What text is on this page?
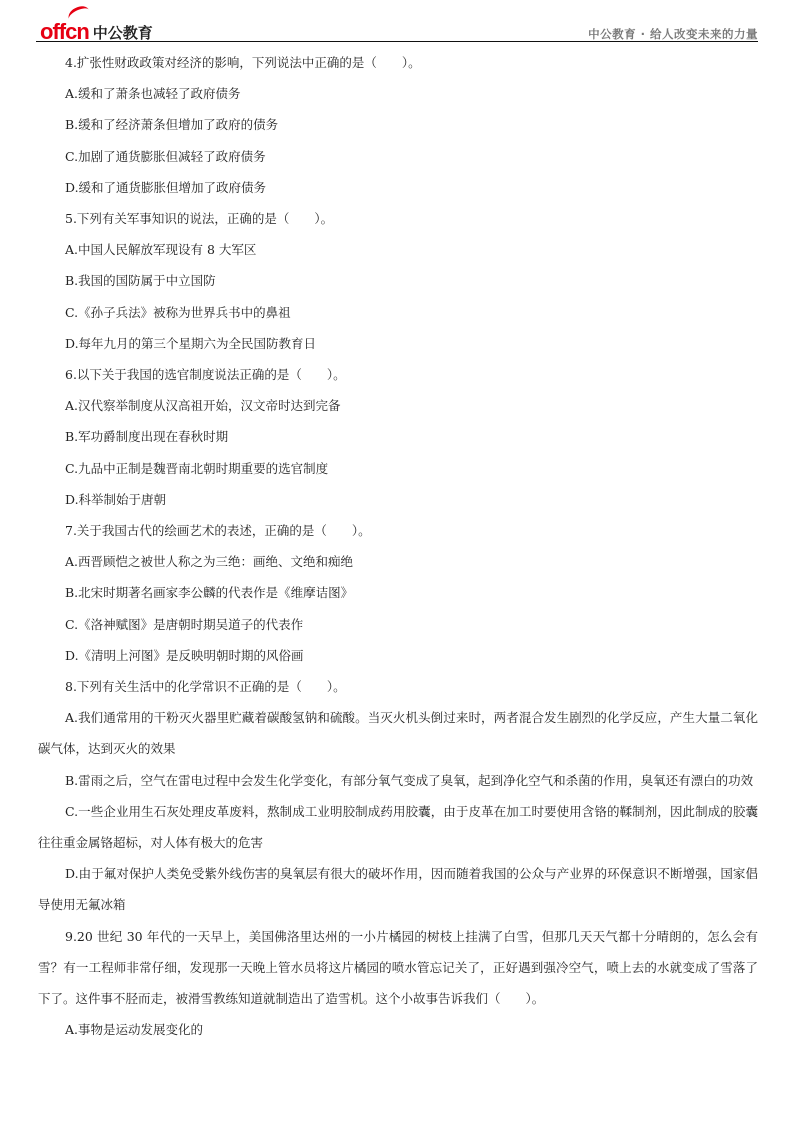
offcn 中公教育	中公教育 · 给人改变未来的力量
4.扩张性财政政策对经济的影响，下列说法中正确的是（　　）。
A.缓和了萧条也减轻了政府债务
B.缓和了经济萧条但增加了政府的债务
C.加剧了通货膨胀但减轻了政府债务
D.缓和了通货膨胀但增加了政府债务
5.下列有关军事知识的说法，正确的是（　　）。
A.中国人民解放军现设有 8 大军区
B.我国的国防属于中立国防
C.《孙子兵法》被称为世界兵书中的鼻祖
D.每年九月的第三个星期六为全民国防教育日
6.以下关于我国的选官制度说法正确的是（　　）。
A.汉代察举制度从汉高祖开始，汉文帝时达到完备
B.军功爵制度出现在春秋时期
C.九品中正制是魏晋南北朝时期重要的选官制度
D.科举制始于唐朝
7.关于我国古代的绘画艺术的表述，正确的是（　　）。
A.西晋顾恺之被世人称之为三绝：画绝、文绝和痴绝
B.北宋时期著名画家李公麟的代表作是《维摩诘图》
C.《洛神赋图》是唐朝时期吴道子的代表作
D.《清明上河图》是反映明朝时期的风俗画
8.下列有关生活中的化学常识不正确的是（　　）。
A.我们通常用的干粉灭火器里贮藏着碳酸氢钠和硫酸。当灭火机头倒过来时，两者混合发生剧烈的化学反应，产生大量二氧化碳气体，达到灭火的效果
B.雷雨之后，空气在雷电过程中会发生化学变化，有部分氧气变成了臭氧，起到净化空气和杀菌的作用，臭氧还有漂白的功效
C.一些企业用生石灰处理皮革废料，熬制成工业明胶制成药用胶囊，由于皮革在加工时要使用含铬的鞣制剂，因此制成的胶囊往往重金属铬超标，对人体有极大的危害
D.由于氟对保护人类免受紫外线伤害的臭氧层有很大的破坏作用，因而随着我国的公众与产业界的环保意识不断增强，国家倡导使用无氟冰箱
9.20 世纪 30 年代的一天早上，美国佛洛里达州的一小片橘园的树枝上挂满了白雪，但那几天天气都十分晴朗的，怎么会有雪？有一工程师非常仔细，发现那一天晚上管水员将这片橘园的喷水管忘记关了，正好遇到强冷空气，喷上去的水就变成了雪落了下了。这件事不胫而走，被滑雪教练知道就制造出了造雪机。这个小故事告诉我们（　　）。
A.事物是运动发展变化的
